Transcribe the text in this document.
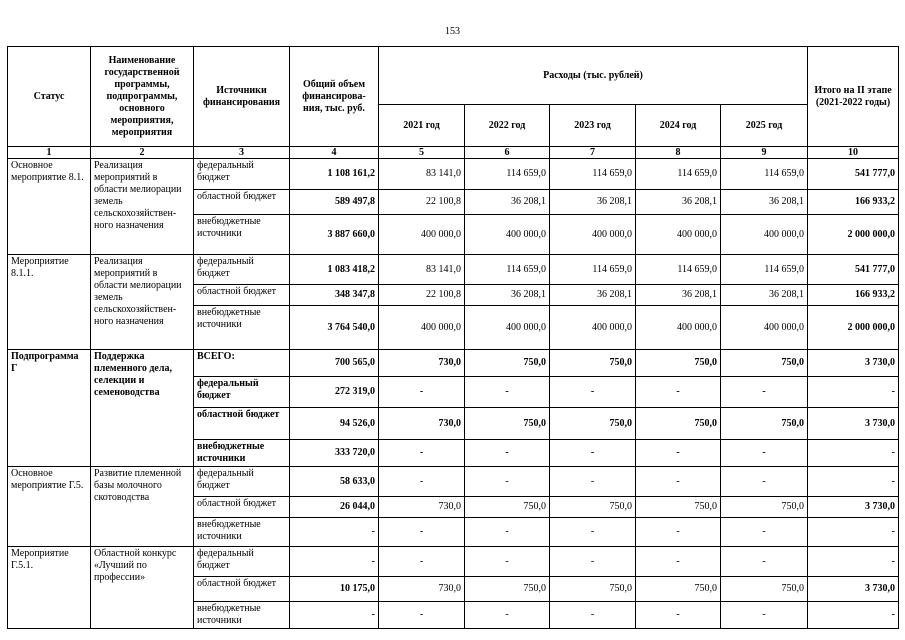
153
Статус	Наименование государственной программы, подпрограммы, основного мероприятия, мероприятия	Источники финансирования	Общий объем финансирова-ния, тыс. руб.	Расходы (тыс. рублей)					Итого на II этапе (2021-2022 годы)
				2021 год	2022 год	2023 год	2024 год	2025 год	
1	2	3	4	5	6	7	8	9	10
Основное мероприятие 8.1.	Реализация мероприятий в области мелиорации земель сельскохозяйствен-ного назначения	федеральный бюджет	1 108 161,2	83 141,0	114 659,0	114 659,0	114 659,0	114 659,0	541 777,0
		областной бюджет	589 497,8	22 100,8	36 208,1	36 208,1	36 208,1	36 208,1	166 933,2
		внебюджетные источники	3 887 660,0	400 000,0	400 000,0	400 000,0	400 000,0	400 000,0	2 000 000,0
Мероприятие 8.1.1.	Реализация мероприятий в области мелиорации земель сельскохозяйствен-ного назначения	федеральный бюджет	1 083 418,2	83 141,0	114 659,0	114 659,0	114 659,0	114 659,0	541 777,0
		областной бюджет	348 347,8	22 100,8	36 208,1	36 208,1	36 208,1	36 208,1	166 933,2
		внебюджетные источники	3 764 540,0	400 000,0	400 000,0	400 000,0	400 000,0	400 000,0	2 000 000,0
Подпрограмма Г	Поддержка племенного дела, селекции и семеноводства	ВСЕГО:	700 565,0	730,0	750,0	750,0	750,0	750,0	3 730,0
		федеральный бюджет	272 319,0	-	-	-	-	-	-
		областной бюджет	94 526,0	730,0	750,0	750,0	750,0	750,0	3 730,0
		внебюджетные источники	333 720,0	-	-	-	-	-	-
Основное мероприятие Г.5.	Развитие племенной базы молочного скотоводства	федеральный бюджет	58 633,0	-	-	-	-	-	-
		областной бюджет	26 044,0	730,0	750,0	750,0	750,0	750,0	3 730,0
		внебюджетные источники	-	-	-	-	-	-	-
Мероприятие Г.5.1.	Областной конкурс «Лучший по профессии»	федеральный бюджет	-	-	-	-	-	-	-
		областной бюджет	10 175,0	730,0	750,0	750,0	750,0	750,0	3 730,0
		внебюджетные источники	-	-	-	-	-	-	-
